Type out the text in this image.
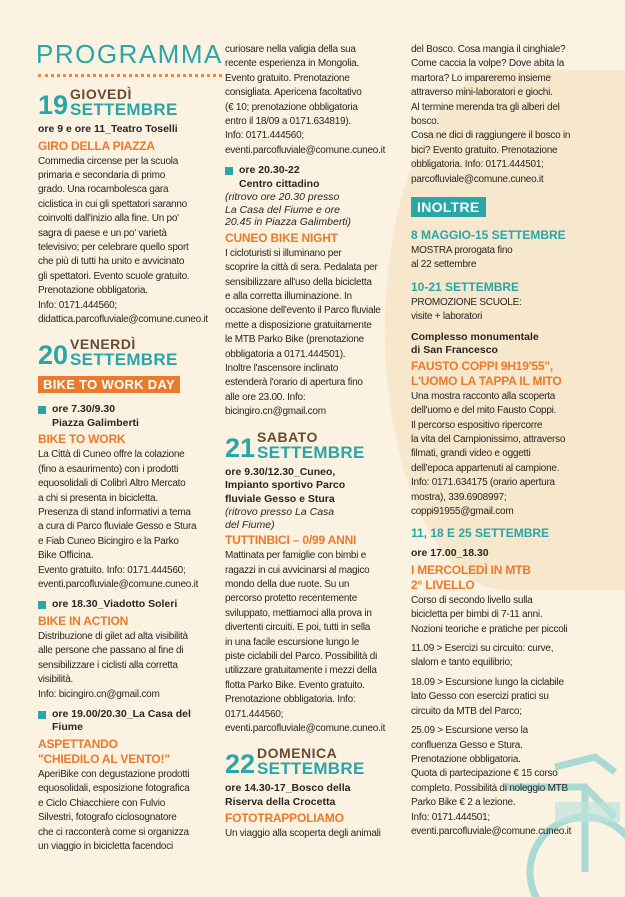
PROGRAMMA
19 GIOVEDÌ
SETTEMBRE
ore 9 e ore 11_Teatro Toselli
GIRO DELLA PIAZZA
Commedia circense per la scuola
primaria e secondaria di primo
grado. Una rocambolesca gara
ciclistica in cui gli spettatori saranno
coinvolti dall'inizio alla fine. Un po'
sagra di paese e un po' varietà
televisivo; per celebrare quello sport
che più di tutti ha unito e avvicinato
gli spettatori. Evento scuole gratuito.
Prenotazione obbligatoria.
Info: 0171.444560;
didattica.parcofluviale@comune.cuneo.it
20 VENERDÌ
SETTEMBRE
BIKE TO WORK DAY
ore 7.30/9.30
Piazza Galimberti
BIKE TO WORK
La Città di Cuneo offre la colazione
(fino a esaurimento) con i prodotti
equosolidali di Colibrì Altro Mercato
a chi si presenta in bicicletta.
Presenza di stand informativi a tema
a cura di Parco fluviale Gesso e Stura
e Fiab Cuneo Bicingiro e la Parko
Bike Officina.
Evento gratuito. Info: 0171.444560;
eventi.parcofluviale@comune.cuneo.it
ore 18.30_Viadotto Soleri
BIKE IN ACTION
Distribuzione di gilet ad alta visibilità
alle persone che passano al fine di
sensibilizzare i ciclisti alla corretta
visibilità.
Info: bicingiro.cn@gmail.com
ore 19.00/20.30_La Casa del
Fiume
ASPETTANDO
"CHIEDILO AL VENTO!"
AperiBike con degustazione prodotti
equosolidali, esposizione fotografica
e Ciclo Chiacchiere con Fulvio
Silvestri, fotografo ciclosognatore
che ci racconterà come si organizza
un viaggio in bicicletta facendoci
curiosare nella valigia della sua
recente esperienza in Mongolia.
Evento gratuito. Prenotazione
consigliata. Apericena facoltativo
(€ 10; prenotazione obbligatoria
entro il 18/09 a 0171.634819).
Info: 0171.444560;
eventi.parcofluviale@comune.cuneo.it
ore 20.30-22
Centro cittadino
(ritrovo ore 20.30 presso
La Casa del Fiume e ore
20.45 in Piazza Galimberti)
CUNEO BIKE NIGHT
I cicloturisti si illuminano per
scoprire la città di sera. Pedalata per
sensibilizzare all'uso della bicicletta
e alla corretta illuminazione. In
occasione dell'evento il Parco fluviale
mette a disposizione gratuitamente
le MTB Parko Bike (prenotazione
obbligatoria a 0171.444501).
Inoltre l'ascensore inclinato
estenderà l'orario di apertura fino
alle ore 23.00. Info:
bicingiro.cn@gmail.com
21 SABATO
SETTEMBRE
ore 9.30/12.30_Cuneo,
Impianto sportivo Parco
fluviale Gesso e Stura
(ritrovo presso La Casa
del Fiume)
TUTTINBICI – 0/99 ANNI
Mattinata per famiglie con bimbi e
ragazzi in cui avvicinarsi al magico
mondo della due ruote. Su un
percorso protetto recentemente
sviluppato, mettiamoci alla prova in
divertenti circuiti. E poi, tutti in sella
in una facile escursione lungo le
piste ciclabili del Parco. Possibilità di
utilizzare gratuitamente i mezzi della
flotta Parko Bike. Evento gratuito.
Prenotazione obbligatoria. Info:
0171.444560;
eventi.parcofluviale@comune.cuneo.it
22 DOMENICA
SETTEMBRE
ore 14.30-17_Bosco della
Riserva della Crocetta
FOTOTRAPPOLIAMO
Un viaggio alla scoperta degli animali
del Bosco. Cosa mangia il cinghiale?
Come caccia la volpe? Dove abita la
martora? Lo impareremo insieme
attraverso mini-laboratori e giochi.
Al termine merenda tra gli alberi del
bosco.
Cosa ne dici di raggiungere il bosco in
bici? Evento gratuito. Prenotazione
obbligatoria. Info: 0171.444501;
parcofluviale@comune.cuneo.it
INOLTRE
8 MAGGIO-15 SETTEMBRE
MOSTRA prorogata fino
al 22 settembre
10-21 SETTEMBRE
PROMOZIONE SCUOLE:
visite + laboratori
Complesso monumentale
di San Francesco
FAUSTO COPPI 9H19'55",
L'UOMO LA TAPPA IL MITO
Una mostra racconto alla scoperta
dell'uomo e del mito Fausto Coppi.
Il percorso espositivo ripercorre
la vita del Campionissimo, attraverso
filmati, grandi video e oggetti
dell'epoca appartenuti al campione.
Info: 0171.634175 (orario apertura
mostra), 339.6908997;
coppi91955@gmail.com
11, 18 E 25 SETTEMBRE
ore 17.00_18.30
I MERCOLEDÌ IN MTB
2° LIVELLO
Corso di secondo livello sulla
bicicletta per bimbi di 7-11 anni.
Nozioni teoriche e pratiche per piccoli
11.09 > Esercizi su circuito: curve,
slalom e tanto equilibrio;
18.09 > Escursione lungo la ciclabile
lato Gesso con esercizi pratici su
circuito da MTB del Parco;
25.09 > Escursione verso la
confluenza Gesso e Stura.
Prenotazione obbligatoria.
Quota di partecipazione € 15 corso
completo. Possibilità di noleggio MTB
Parko Bike € 2 a lezione.
Info: 0171.444501;
eventi.parcofluviale@comune.cuneo.it
